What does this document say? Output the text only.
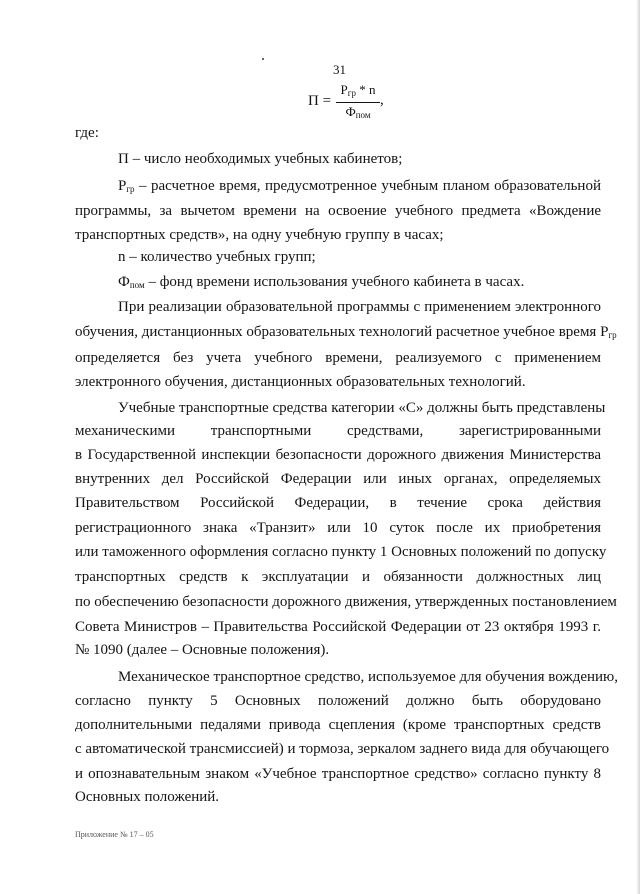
31
П =
$Р_{гр}$ * n
$Ф_{пом}$
,
где:
П – число необходимых учебных кабинетов;
$Р_{гр}$ – расчетное время, предусмотренное учебным планом образовательной
программы, за вычетом времени на освоение учебного предмета «Вождение
транспортных средств», на одну учебную группу в часах;
n – количество учебных групп;
$Ф_{пом}$ – фонд времени использования учебного кабинета в часах.
При реализации образовательной программы с применением электронного
обучения, дистанционных образовательных технологий расчетное учебное время $Р_{гр}$
определяется без учета учебного времени, реализуемого с применением
электронного обучения, дистанционных образовательных технологий.
Учебные транспортные средства категории «С» должны быть представлены
механическими транспортными средствами, зарегистрированными
в Государственной инспекции безопасности дорожного движения Министерства
внутренних дел Российской Федерации или иных органах, определяемых
Правительством Российской Федерации, в течение срока действия
регистрационного знака «Транзит» или 10 суток после их приобретения
или таможенного оформления согласно пункту 1 Основных положений по допуску
транспортных средств к эксплуатации и обязанности должностных лиц
по обеспечению безопасности дорожного движения, утвержденных постановлением
Совета Министров – Правительства Российской Федерации от 23 октября 1993 г.
№ 1090 (далее – Основные положения).
Механическое транспортное средство, используемое для обучения вождению,
согласно пункту 5 Основных положений должно быть оборудовано
дополнительными педалями привода сцепления (кроме транспортных средств
с автоматической трансмиссией) и тормоза, зеркалом заднего вида для обучающего
и опознавательным знаком «Учебное транспортное средство» согласно пункту 8
Основных положений.
Приложение № 17 – 05
